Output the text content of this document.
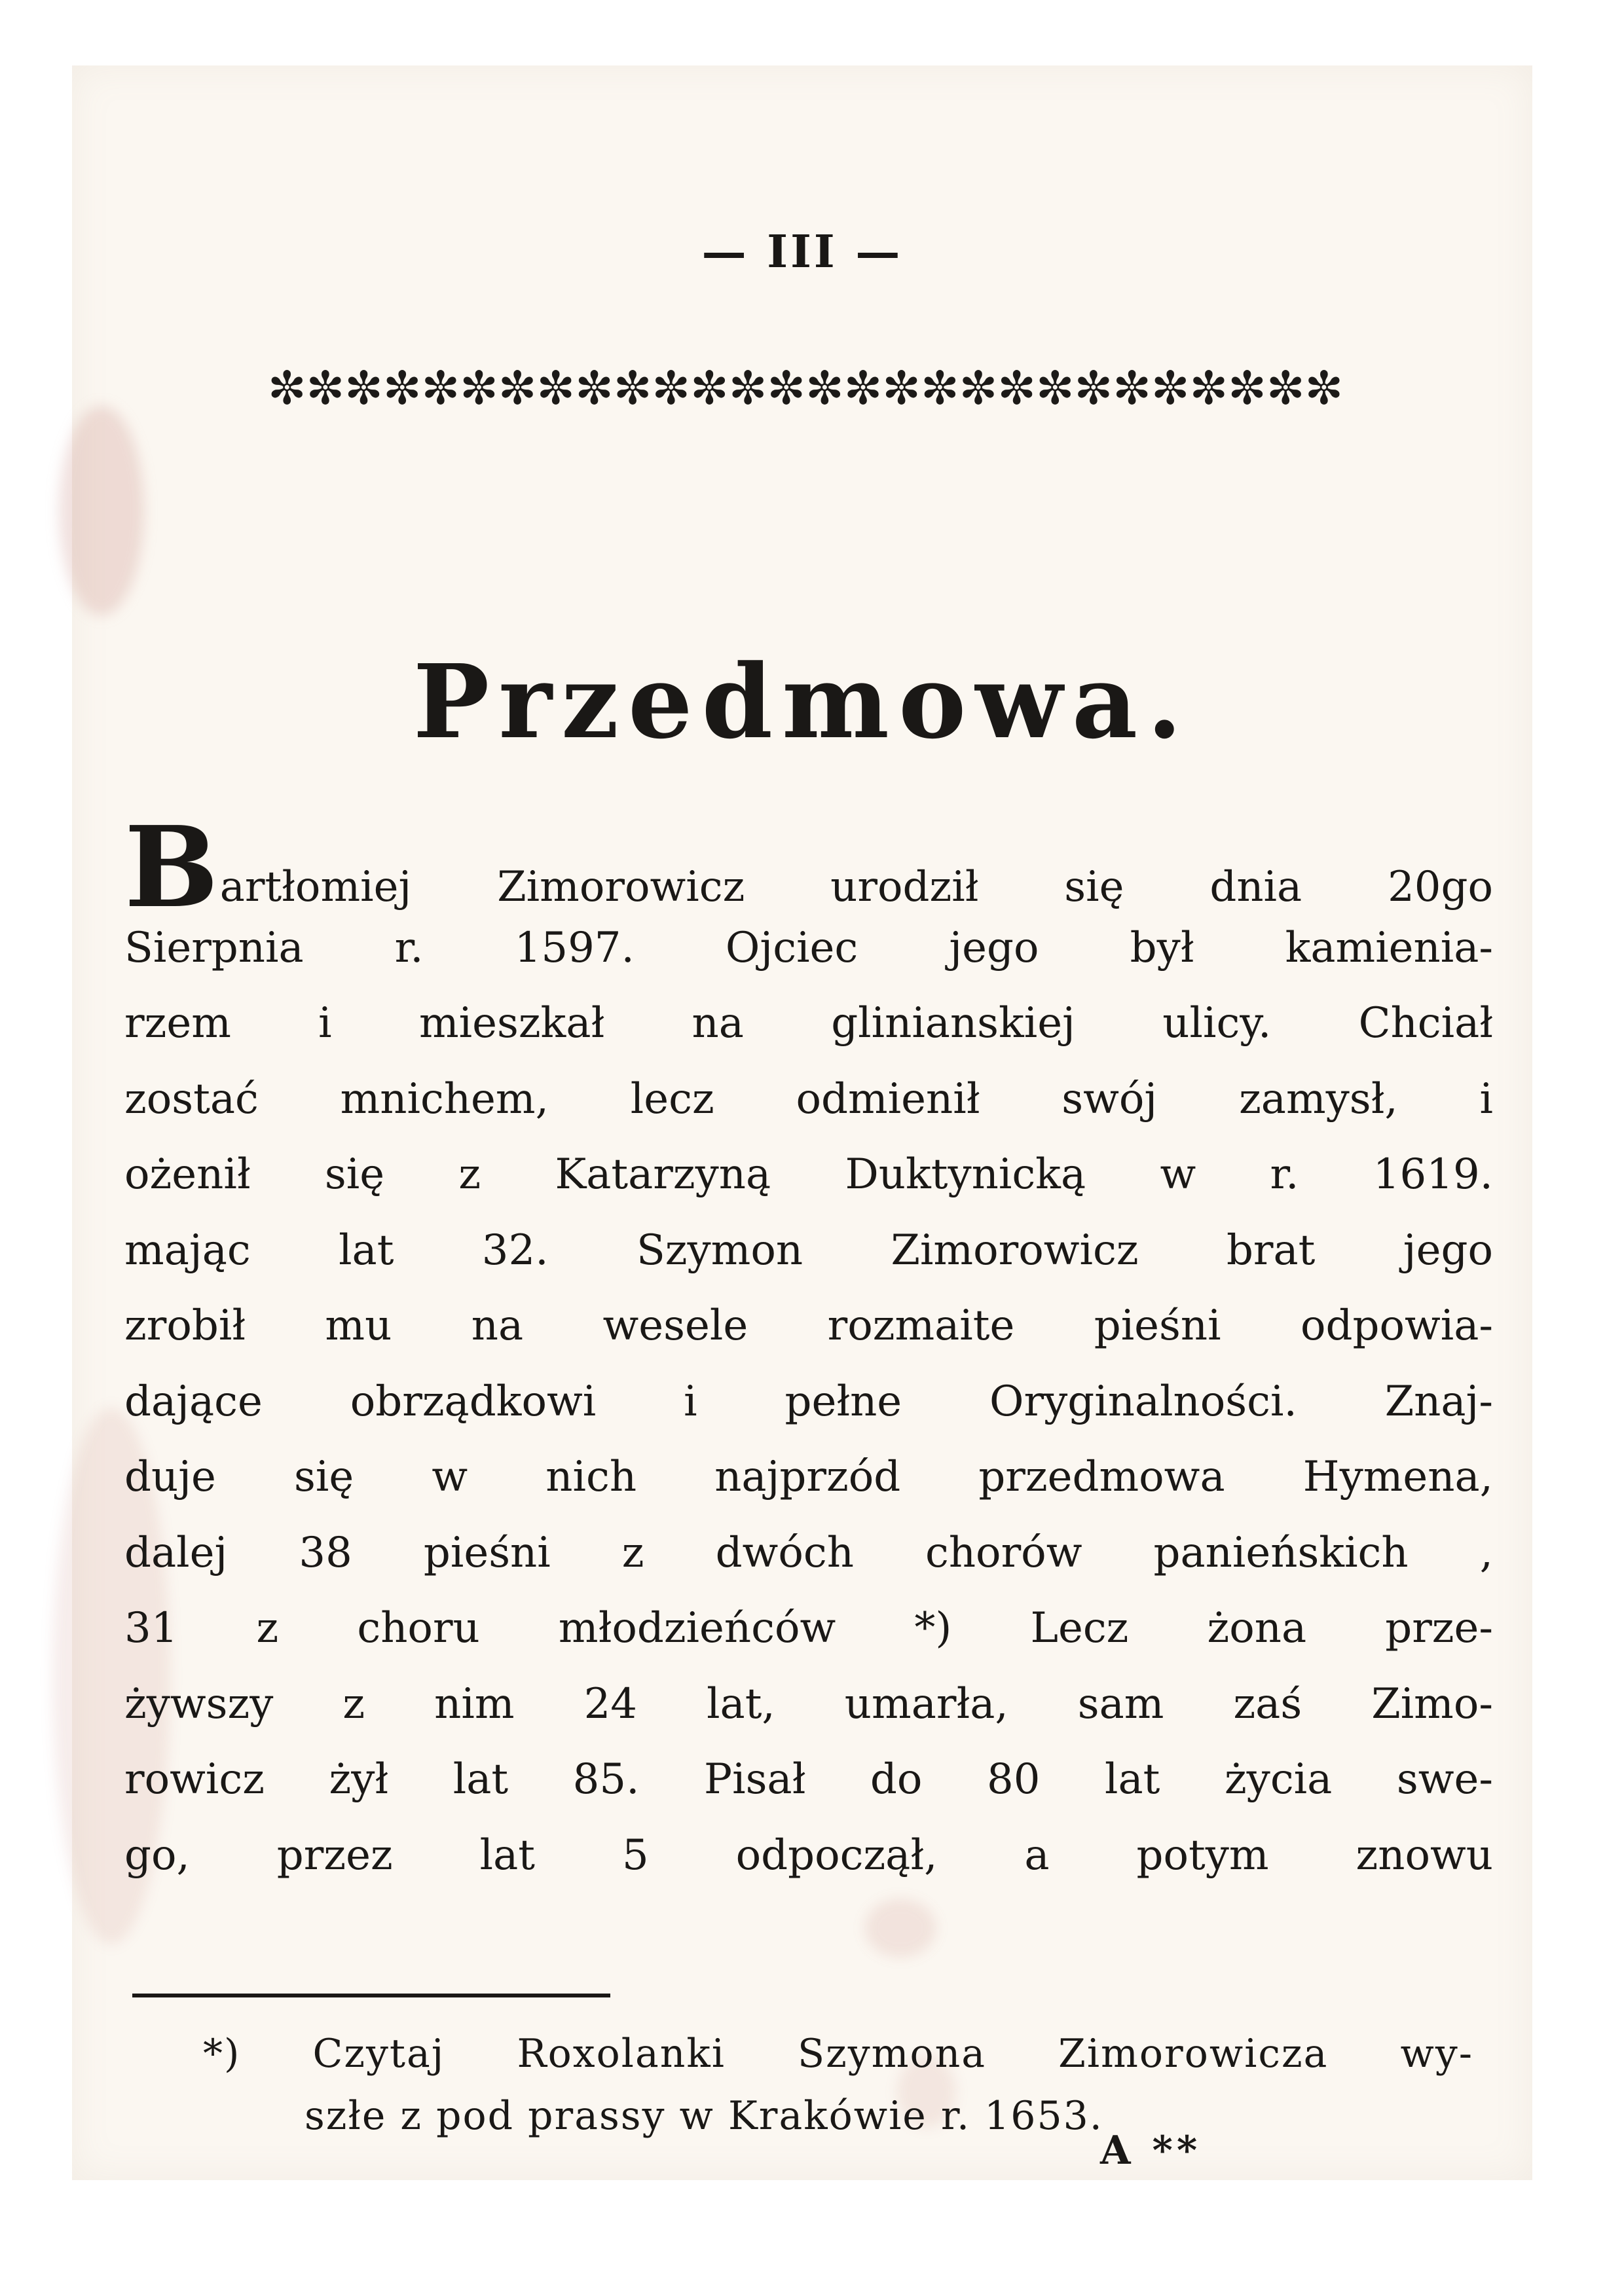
— III —
✼✼✼✼✼✼✼✼✼✼✼✼✼✼✼✼✼✼✼✼✼✼✼✼✼✼✼✼
Przedmowa.
Bartłomiej Zimorowicz urodził się dnia 20go
Sierpnia r. 1597. Ojciec jego był kamienia-
rzem i mieszkał na glinianskiej ulicy. Chciał
zostać mnichem, lecz odmienił swój zamysł, i
ożenił się z Katarzyną Duktynicką w r. 1619.
mając lat 32. Szymon Zimorowicz brat jego
zrobił mu na wesele rozmaite pieśni odpowia-
dające obrządkowi i pełne Oryginalności. Znaj-
duje się w nich najprzód przedmowa Hymena,
dalej 38 pieśni z dwóch chorów panieńskich ,
31 z choru młodzieńców *) Lecz żona prze-
żywszy z nim 24 lat, umarła, sam zaś Zimo-
rowicz żył lat 85. Pisał do 80 lat życia swe-
go, przez lat 5 odpoczął, a potym znowu
*) Czytaj Roxolanki Szymona Zimorowicza wy-
szłe z pod prassy w Krakówie r. 1653.
A **
